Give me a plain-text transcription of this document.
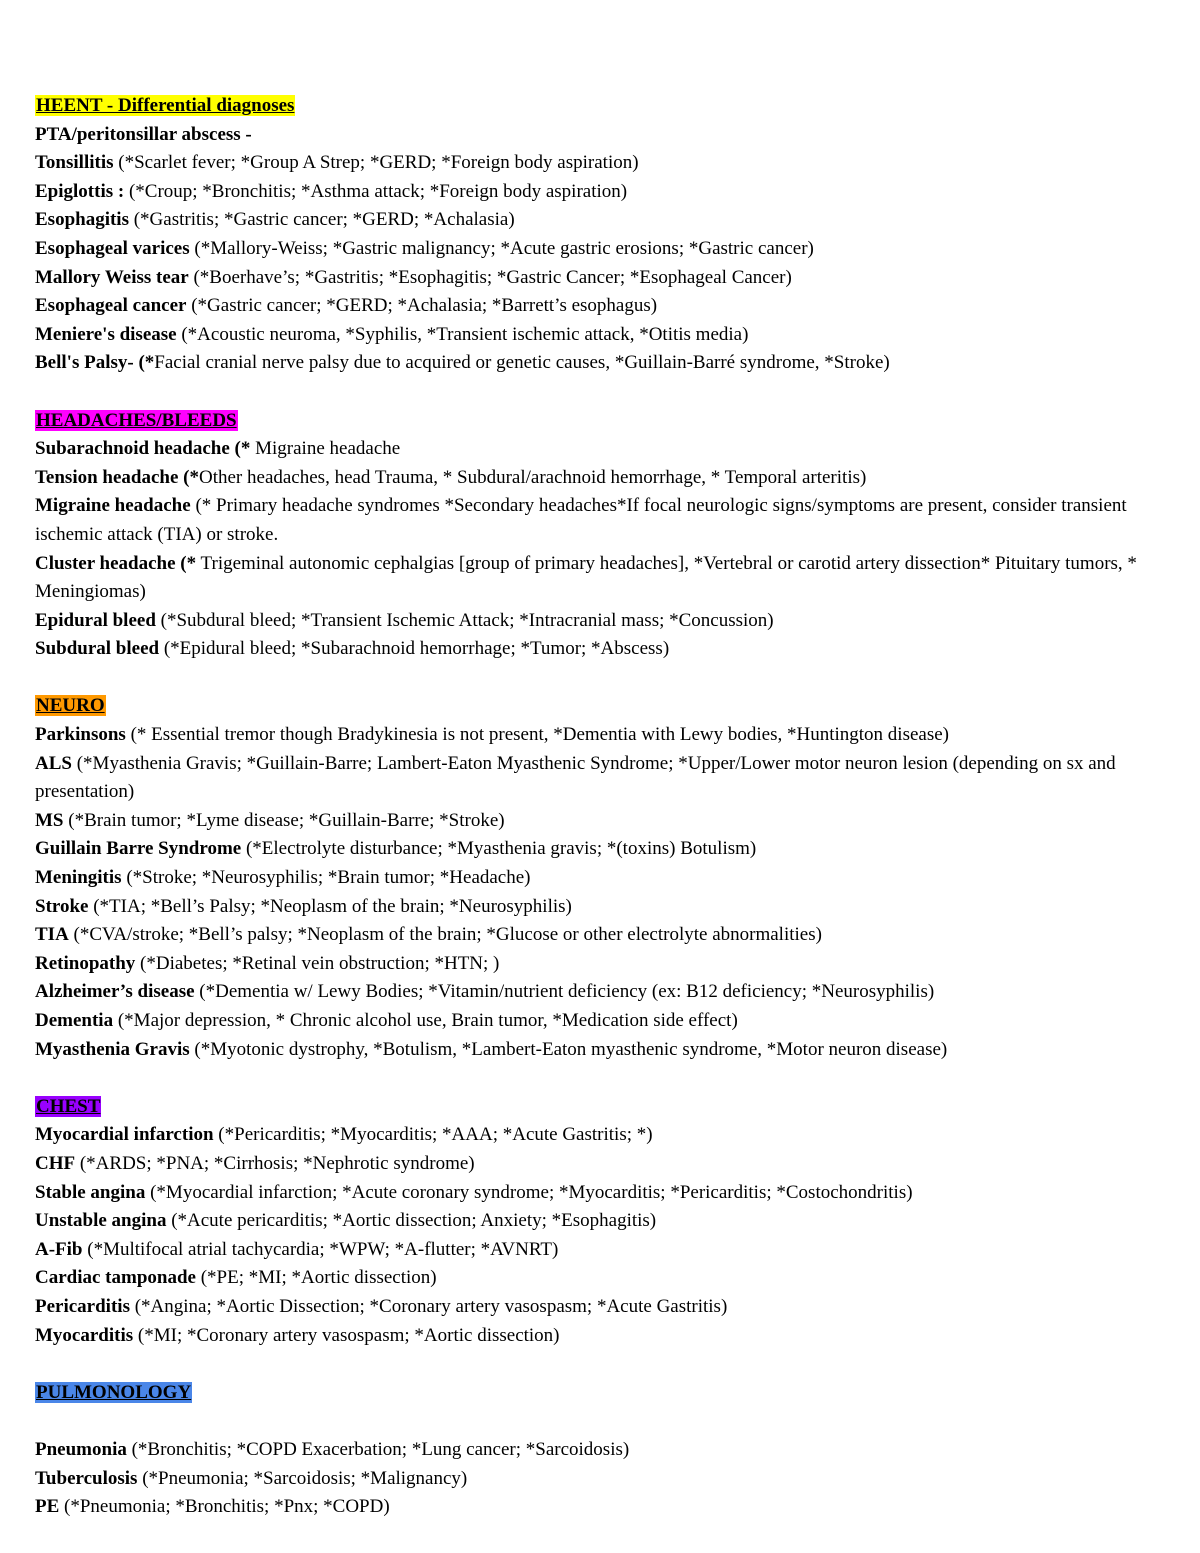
HEENT - Differential diagnoses
PTA/peritonsillar abscess -
Tonsillitis (*Scarlet fever; *Group A Strep; *GERD; *Foreign body aspiration)
Epiglottis : (*Croup; *Bronchitis; *Asthma attack; *Foreign body aspiration)
Esophagitis (*Gastritis; *Gastric cancer; *GERD; *Achalasia)
Esophageal varices (*Mallory-Weiss; *Gastric malignancy; *Acute gastric erosions; *Gastric cancer)
Mallory Weiss tear (*Boerhave’s; *Gastritis; *Esophagitis; *Gastric Cancer; *Esophageal Cancer)
Esophageal cancer (*Gastric cancer; *GERD; *Achalasia; *Barrett’s esophagus)
Meniere's disease (*Acoustic neuroma, *Syphilis, *Transient ischemic attack, *Otitis media)
Bell's Palsy- (*Facial cranial nerve palsy due to acquired or genetic causes, *Guillain-Barré syndrome, *Stroke)
HEADACHES/BLEEDS
Subarachnoid headache (* Migraine headache
Tension headache (*Other headaches, head Trauma, * Subdural/arachnoid hemorrhage, * Temporal arteritis)
Migraine headache (* Primary headache syndromes *Secondary headaches*If focal neurologic signs/symptoms are present, consider transient ischemic attack (TIA) or stroke.
Cluster headache (* Trigeminal autonomic cephalgias [group of primary headaches], *Vertebral or carotid artery dissection* Pituitary tumors, * Meningiomas)
Epidural bleed (*Subdural bleed; *Transient Ischemic Attack; *Intracranial mass; *Concussion)
Subdural bleed (*Epidural bleed; *Subarachnoid hemorrhage; *Tumor; *Abscess)
NEURO
Parkinsons (* Essential tremor though Bradykinesia is not present, *Dementia with Lewy bodies, *Huntington disease)
ALS (*Myasthenia Gravis; *Guillain-Barre; Lambert-Eaton Myasthenic Syndrome; *Upper/Lower motor neuron lesion (depending on sx and presentation)
MS (*Brain tumor; *Lyme disease; *Guillain-Barre; *Stroke)
Guillain Barre Syndrome (*Electrolyte disturbance; *Myasthenia gravis; *(toxins) Botulism)
Meningitis (*Stroke; *Neurosyphilis; *Brain tumor; *Headache)
Stroke (*TIA; *Bell’s Palsy; *Neoplasm of the brain; *Neurosyphilis)
TIA (*CVA/stroke; *Bell’s palsy; *Neoplasm of the brain; *Glucose or other electrolyte abnormalities)
Retinopathy (*Diabetes; *Retinal vein obstruction; *HTN; )
Alzheimer’s disease (*Dementia w/ Lewy Bodies; *Vitamin/nutrient deficiency (ex: B12 deficiency; *Neurosyphilis)
Dementia (*Major depression, * Chronic alcohol use, Brain tumor, *Medication side effect)
Myasthenia Gravis (*Myotonic dystrophy, *Botulism, *Lambert-Eaton myasthenic syndrome, *Motor neuron disease)
CHEST
Myocardial infarction (*Pericarditis; *Myocarditis; *AAA; *Acute Gastritis; *)
CHF (*ARDS; *PNA; *Cirrhosis; *Nephrotic syndrome)
Stable angina (*Myocardial infarction; *Acute coronary syndrome; *Myocarditis; *Pericarditis; *Costochondritis)
Unstable angina (*Acute pericarditis; *Aortic dissection; Anxiety; *Esophagitis)
A-Fib (*Multifocal atrial tachycardia; *WPW; *A-flutter; *AVNRT)
Cardiac tamponade (*PE; *MI; *Aortic dissection)
Pericarditis (*Angina; *Aortic Dissection; *Coronary artery vasospasm; *Acute Gastritis)
Myocarditis (*MI; *Coronary artery vasospasm; *Aortic dissection)
PULMONOLOGY
Pneumonia (*Bronchitis; *COPD Exacerbation; *Lung cancer; *Sarcoidosis)
Tuberculosis (*Pneumonia; *Sarcoidosis; *Malignancy)
PE (*Pneumonia; *Bronchitis; *Pnx; *COPD)
